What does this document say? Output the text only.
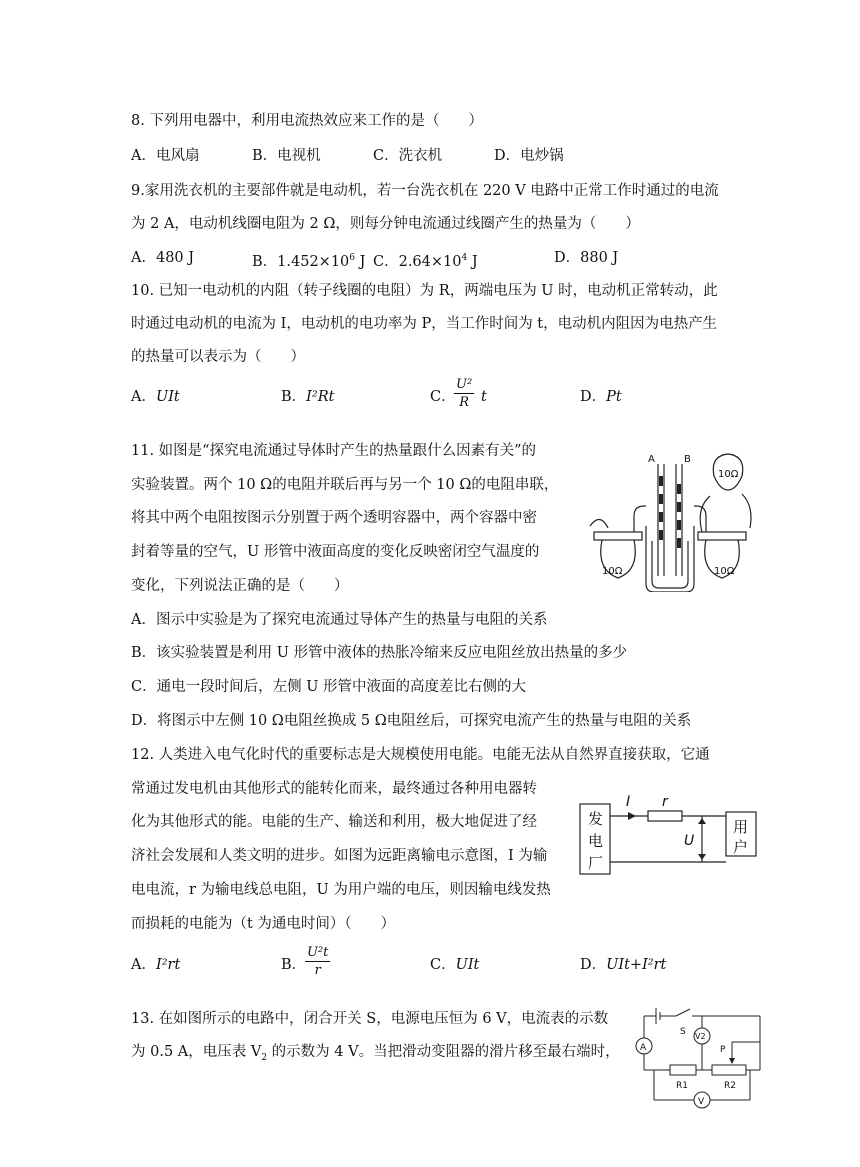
8. 下列用电器中，利用电流热效应来工作的是（　　）
A．电风扇	B．电视机	C．洗衣机	D．电炒锅
9.家用洗衣机的主要部件就是电动机，若一台洗衣机在 220 V 电路中正常工作时通过的电流
为 2 A，电动机线圈电阻为 2 Ω，则每分钟电流通过线圈产生的热量为（　　）
A．480 J	B．$1.452\times 10^6$ J C．$2.64\times 10^4$ J	D．880 J
10. 已知一电动机的内阻（转子线圈的电阻）为 R，两端电压为 U 时，电动机正常转动，此
时通过电动机的电流为 I，电动机的电功率为 P，当工作时间为 t，电动机内阻因为电热产生
的热量可以表示为（　　）
A．UIt	B．I²Rt	C．
$\frac{\text{U²}}{R}$ t	D．Pt
11. 如图是“探究电流通过导体时产生的热量跟什么因素有关”的
实验装置。两个 10 Ω的电阻并联后再与另一个 10 Ω的电阻串联，
将其中两个电阻按图示分别置于两个透明容器中，两个容器中密
封着等量的空气，U 形管中液面高度的变化反映密闭空气温度的
变化，下列说法正确的是（　　）
A．图示中实验是为了探究电流通过导体产生的热量与电阻的关系
B．该实验装置是利用 U 形管中液体的热胀冷缩来反应电阻丝放出热量的多少
C．通电一段时间后，左侧 U 形管中液面的高度差比右侧的大
D．将图示中左侧 10 Ω电阻丝换成 5 Ω电阻丝后，可探究电流产生的热量与电阻的关系
A	B
10Ω
10Ω	10Ω
12. 人类进入电气化时代的重要标志是大规模使用电能。电能无法从自然界直接获取，它通
常通过发电机由其他形式的能转化而来，最终通过各种用电器转
化为其他形式的能。电能的生产、输送和利用，极大地促进了经
济社会发展和人类文明的进步。如图为远距离输电示意图，I 为输
电电流，r 为输电线总电阻，U 为用户端的电压，则因输电线发热
而损耗的电能为（t 为通电时间）（　　）
A．I²rt	B．
$\frac{\text{U²t}}{r}$	C．UIt	D．UIt+I²rt
发
电
厂
用
户
I r
U
13. 在如图所示的电路中，闭合开关 S，电源电压恒为 6 V，电流表的示数
为 0.5 A，电压表 $V_2$ 的示数为 4 V。当把滑动变阻器的滑片移至最右端时，
S
A
V2
P
R1	R2
V
